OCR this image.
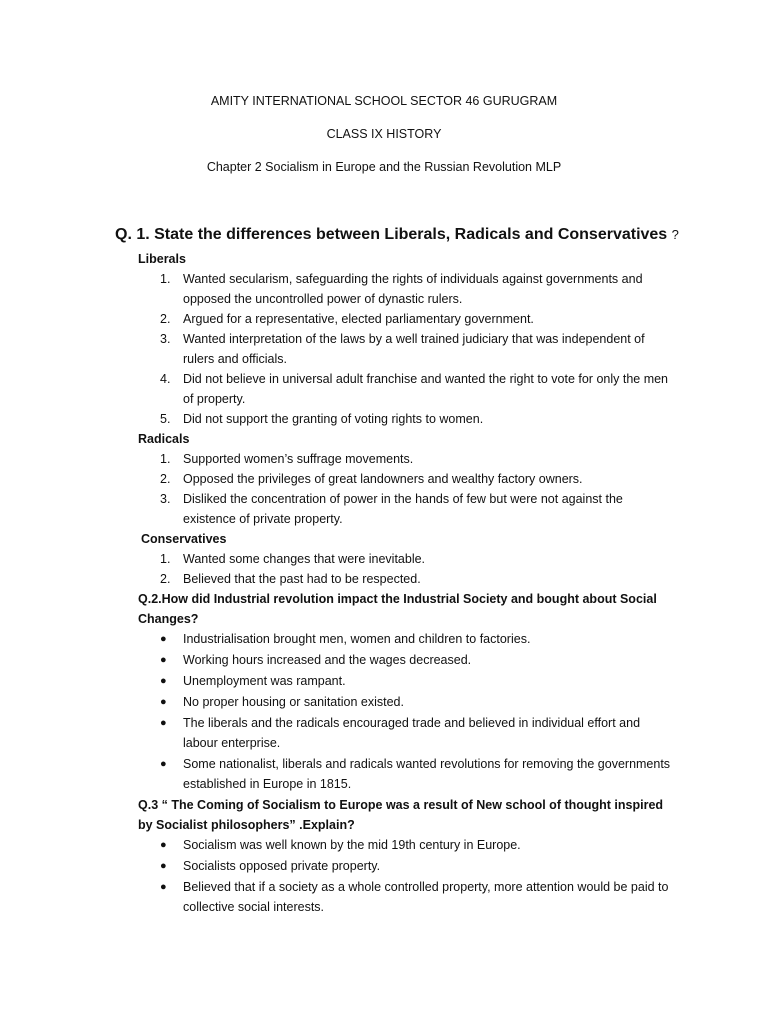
AMITY INTERNATIONAL SCHOOL SECTOR 46 GURUGRAM
CLASS IX HISTORY
Chapter 2 Socialism in Europe and the Russian Revolution MLP
Q. 1. State the differences between Liberals, Radicals and Conservatives ?
Liberals
1. Wanted secularism, safeguarding the rights of individuals against governments and opposed the uncontrolled power of dynastic rulers.
2. Argued for a representative, elected parliamentary government.
3. Wanted interpretation of the laws by a well trained judiciary that was independent of rulers and officials.
4. Did not believe in universal adult franchise and wanted the right to vote for only the men of property.
5. Did not support the granting of voting rights to women.
Radicals
1. Supported women’s suffrage movements.
2. Opposed the privileges of great landowners and wealthy factory owners.
3. Disliked the concentration of power in the hands of few but were not against the existence of private property.
Conservatives
1. Wanted some changes that were inevitable.
2. Believed that the past had to be respected.
Q.2.How did Industrial revolution impact the Industrial Society and bought about Social Changes?
● Industrialisation brought men, women and children to factories.
● Working hours increased and the wages decreased.
● Unemployment was rampant.
● No proper housing or sanitation existed.
● The liberals and the radicals encouraged trade and believed in individual effort and labour enterprise.
● Some nationalist, liberals and radicals wanted revolutions for removing the governments established in Europe in 1815.
Q.3 “ The Coming of Socialism to Europe was a result of New school of thought inspired by Socialist philosophers” .Explain?
● Socialism was well known by the mid 19th century in Europe.
● Socialists opposed private property.
● Believed that if a society as a whole controlled property, more attention would be paid to collective social interests.
